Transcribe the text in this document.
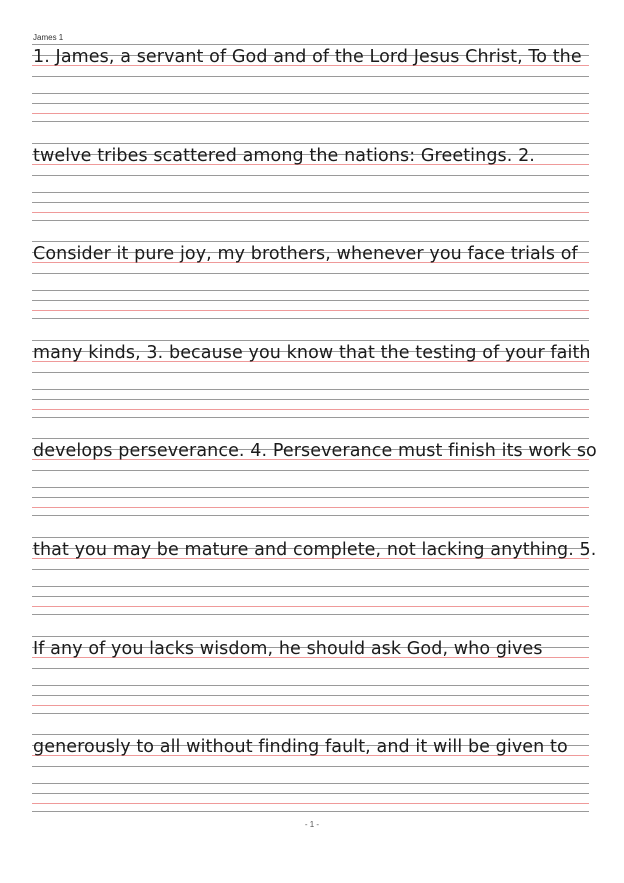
James 1
1. James, a servant of God and of the Lord Jesus Christ, To the
twelve tribes scattered among the nations: Greetings. 2.
Consider it pure joy, my brothers, whenever you face trials of
many kinds, 3. because you know that the testing of your faith
develops perseverance. 4. Perseverance must finish its work so
that you may be mature and complete, not lacking anything. 5.
If any of you lacks wisdom, he should ask God, who gives
generously to all without finding fault, and it will be given to
- 1 -
